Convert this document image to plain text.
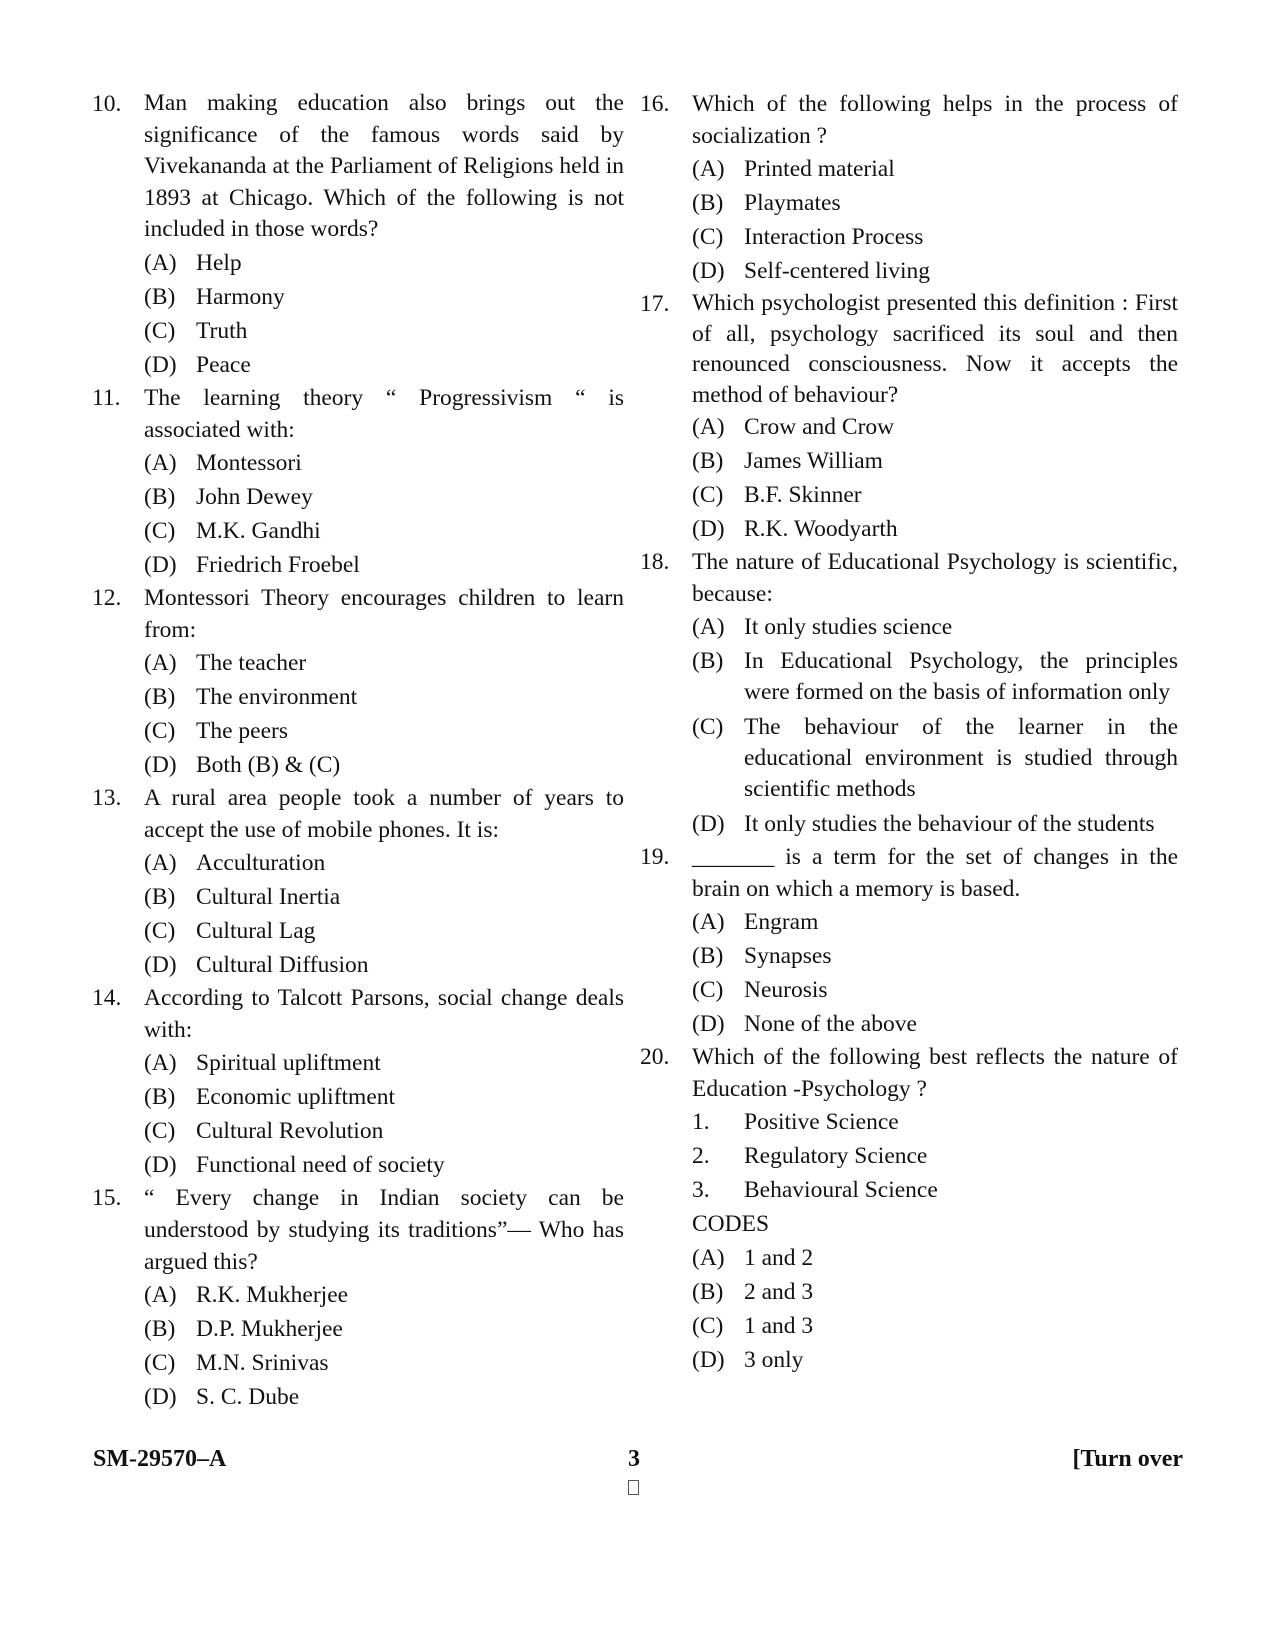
10. Man making education also brings out the significance of the famous words said by Vivekananda at the Parliament of Religions held in 1893 at Chicago. Which of the following is not included in those words?

(A) Help
(B) Harmony
(C) Truth
(D) Peace
11. The learning theory “ Progressivism “ is associated with:

(A) Montessori
(B) John Dewey
(C) M.K. Gandhi
(D) Friedrich Froebel
12. Montessori Theory encourages children to learn from:

(A) The teacher
(B) The environment
(C) The peers
(D) Both (B) & (C)
13. A rural area people took a number of years to accept the use of mobile phones. It is:

(A) Acculturation
(B) Cultural Inertia
(C) Cultural Lag
(D) Cultural Diffusion
14. According to Talcott Parsons, social change deals with:

(A) Spiritual upliftment
(B) Economic upliftment
(C) Cultural Revolution
(D) Functional need of society
15. “ Every change in Indian society can be understood by studying its traditions”— Who has argued this?

(A) R.K. Mukherjee
(B) D.P. Mukherjee
(C) M.N. Srinivas
(D) S. C. Dube
16. Which of the following helps in the process of socialization ?

(A) Printed material
(B) Playmates
(C) Interaction Process
(D) Self-centered living
17. Which psychologist presented this definition : First of all, psychology sacrificed its soul and then renounced consciousness. Now it accepts the method of behaviour?

(A) Crow and Crow
(B) James William
(C) B.F. Skinner
(D) R.K. Woodyarth
18. The nature of Educational Psychology is scientific, because:

(A) It only studies science
(B) In Educational Psychology, the principles were formed on the basis of information only
(C) The behaviour of the learner in the educational environment is studied through scientific methods
(D) It only studies the behaviour of the students
19. _______ is a term for the set of changes in the brain on which a memory is based.

(A) Engram
(B) Synapses
(C) Neurosis
(D) None of the above
20. Which of the following best reflects the nature of Education -Psychology ?

1.	Positive Science
2.	Regulatory Science
3.	Behavioural Science
CODES
(A) 1 and 2
(B) 2 and 3
(C) 1 and 3
(D) 3 only
SM-29570–A	3	[Turn over
